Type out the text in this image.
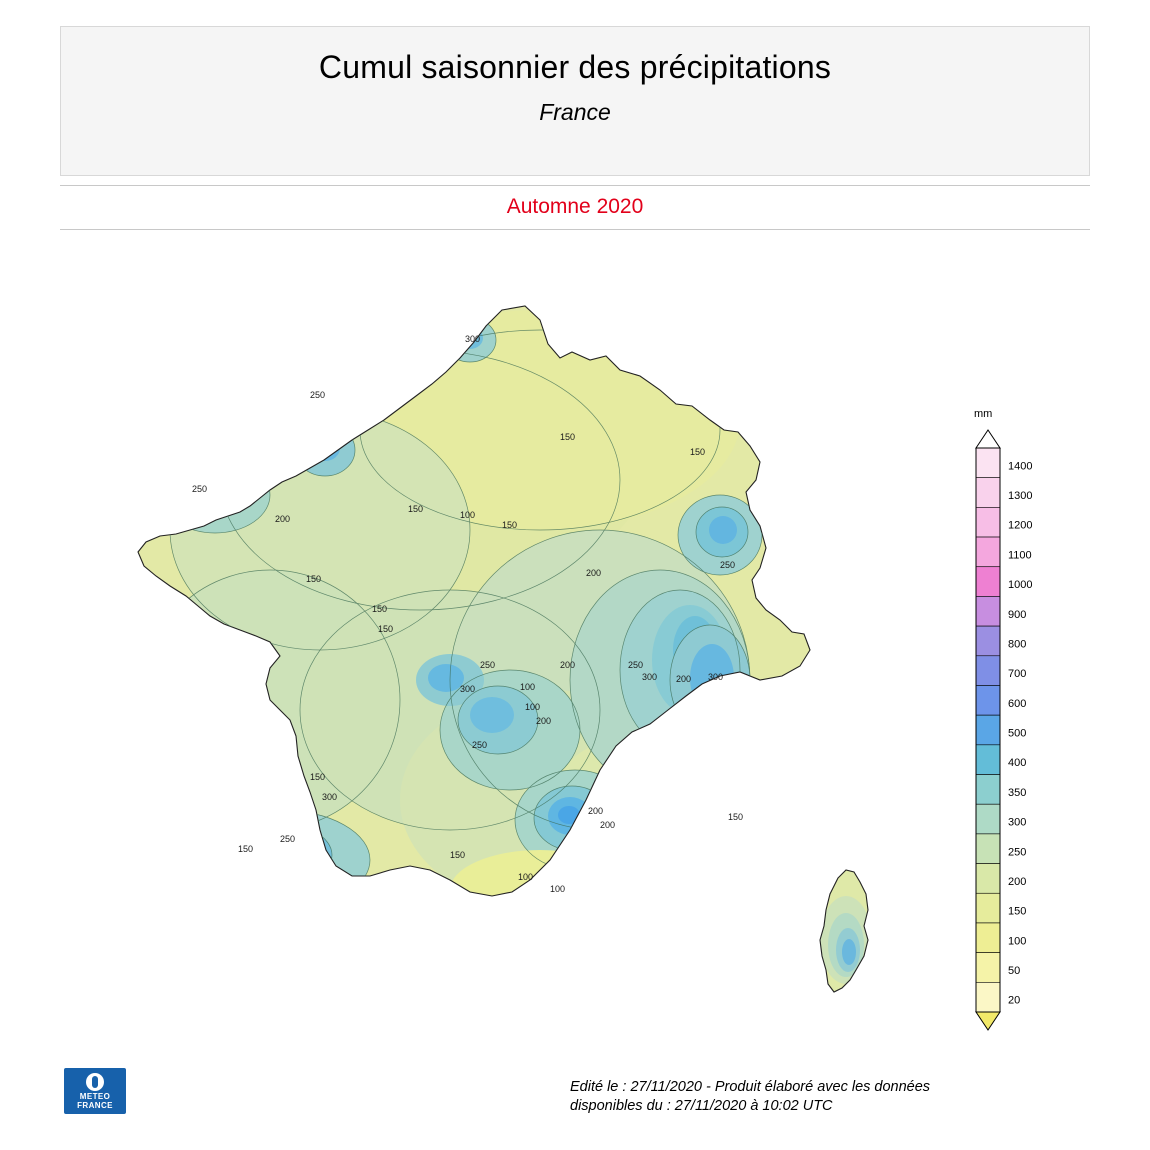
Cumul saisonnier des précipitations
France
Automne 2020
300
250
250
200
150
150
150
100
150
200
250
150
150
100
200
200
250
300	300
250
300
200
150
100
150
150
100
200
300
250
150
100
200
150
250
mm
1400
1300
1200
1100
1000
900
800
700
600
500
400
350
300
250
200
150
100
50
20
METEO
FRANCE
Edité le : 27/11/2020 - Produit élaboré avec les données
disponibles du : 27/11/2020 à 10:02 UTC
